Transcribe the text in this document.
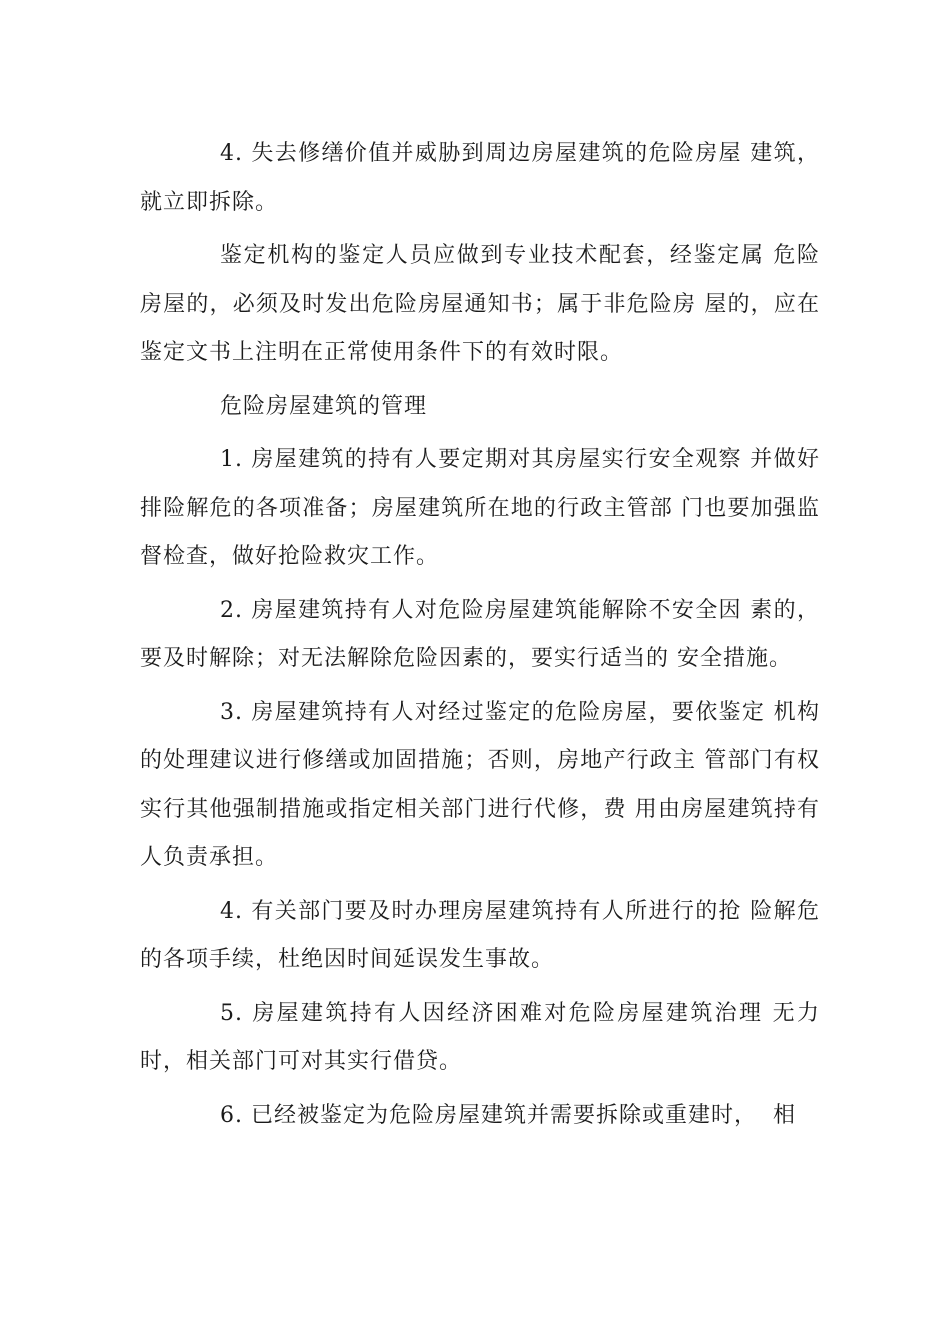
4. 失去修缮价值并威胁到周边房屋建筑的危险房屋 建筑，就立即拆除。

鉴定机构的鉴定人员应做到专业技术配套，经鉴定属 危险房屋的，必须及时发出危险房屋通知书；属于非危险房 屋的，应在鉴定文书上注明在正常使用条件下的有效时限。

危险房屋建筑的管理

1. 房屋建筑的持有人要定期对其房屋实行安全观察 并做好排险解危的各项准备；房屋建筑所在地的行政主管部 门也要加强监督检查，做好抢险救灾工作。

2. 房屋建筑持有人对危险房屋建筑能解除不安全因 素的，要及时解除；对无法解除危险因素的，要实行适当的 安全措施。

3. 房屋建筑持有人对经过鉴定的危险房屋，要依鉴定 机构的处理建议进行修缮或加固措施；否则，房地产行政主 管部门有权实行其他强制措施或指定相关部门进行代修，费 用由房屋建筑持有人负责承担。

4. 有关部门要及时办理房屋建筑持有人所进行的抢 险解危的各项手续，杜绝因时间延误发生事故。

5. 房屋建筑持有人因经济困难对危险房屋建筑治理 无力时，相关部门可对其实行借贷。

6. 已经被鉴定为危险房屋建筑并需要拆除或重建时，  相
